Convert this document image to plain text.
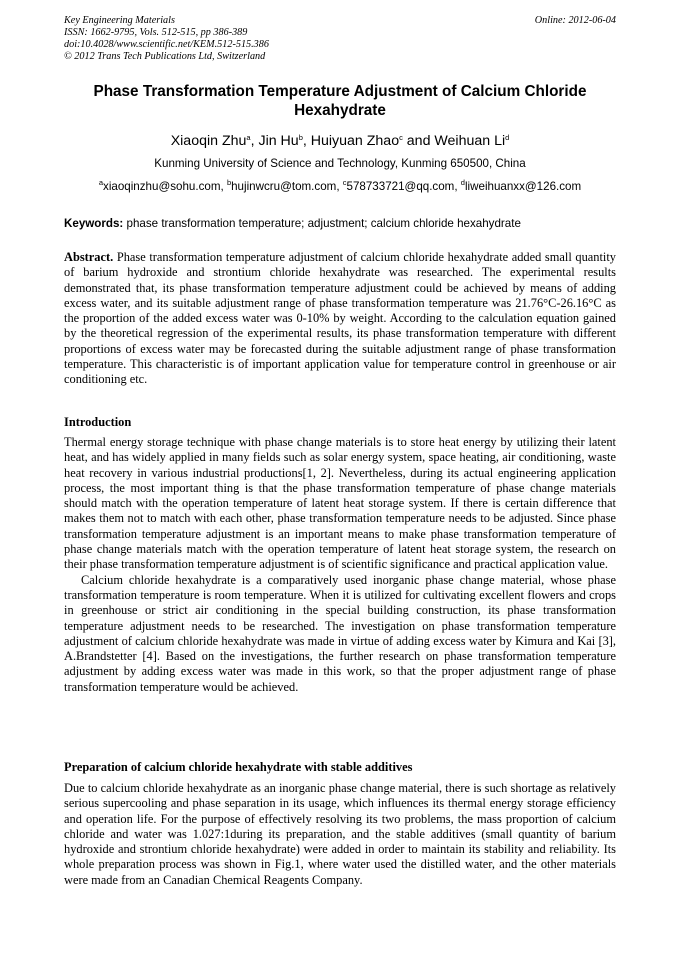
Key Engineering Materials
ISSN: 1662-9795, Vols. 512-515, pp 386-389
doi:10.4028/www.scientific.net/KEM.512-515.386
© 2012 Trans Tech Publications Ltd, Switzerland
Online: 2012-06-04
Phase Transformation Temperature Adjustment of Calcium Chloride Hexahydrate
Xiaoqin Zhu$^a$, Jin Hu$^b$, Huiyuan Zhao$^c$ and Weihuan Li$^d$
Kunming University of Science and Technology, Kunming 650500, China
$^a$xiaoqinzhu@sohu.com, $^b$hujinwcru@tom.com, $^c$578733721@qq.com, $^d$liweihuanxx@126.com
Keywords: phase transformation temperature; adjustment; calcium chloride hexahydrate
Abstract. Phase transformation temperature adjustment of calcium chloride hexahydrate added small quantity of barium hydroxide and strontium chloride hexahydrate was researched. The experimental results demonstrated that, its phase transformation temperature adjustment could be achieved by means of adding excess water, and its suitable adjustment range of phase transformation temperature was 21.76°C-26.16°C as the proportion of the added excess water was 0-10% by weight. According to the calculation equation gained by the theoretical regression of the experimental results, its phase transformation temperature with different proportions of excess water may be forecasted during the suitable adjustment range of phase transformation temperature. This characteristic is of important application value for temperature control in greenhouse or air conditioning etc.
Introduction
Thermal energy storage technique with phase change materials is to store heat energy by utilizing their latent heat, and has widely applied in many fields such as solar energy system, space heating, air conditioning, waste heat recovery in various industrial productions[1, 2]. Nevertheless, during its actual engineering application process, the most important thing is that the phase transformation temperature of phase change materials should match with the operation temperature of latent heat storage system. If there is certain difference that makes them not to match with each other, phase transformation temperature needs to be adjusted. Since phase transformation temperature adjustment is an important means to make phase transformation temperature of phase change materials match with the operation temperature of latent heat storage system, the research on their phase transformation temperature adjustment is of scientific significance and practical application value.
Calcium chloride hexahydrate is a comparatively used inorganic phase change material, whose phase transformation temperature is room temperature. When it is utilized for cultivating excellent flowers and crops in greenhouse or strict air conditioning in the special building construction, its phase transformation temperature adjustment needs to be researched. The investigation on phase transformation temperature adjustment of calcium chloride hexahydrate was made in virtue of adding excess water by Kimura and Kai [3], A.Brandstetter [4]. Based on the investigations, the further research on phase transformation temperature adjustment by adding excess water was made in this work, so that the proper adjustment range of phase transformation temperature would be achieved.
Preparation of calcium chloride hexahydrate with stable additives
Due to calcium chloride hexahydrate as an inorganic phase change material, there is such shortage as relatively serious supercooling and phase separation in its usage, which influences its thermal energy storage efficiency and operation life. For the purpose of effectively resolving its two problems, the mass proportion of calcium chloride and water was 1.027:1during its preparation, and the stable additives (small quantity of barium hydroxide and strontium chloride hexahydrate) were added in order to maintain its stability and reliability. Its whole preparation process was shown in Fig.1, where water used the distilled water, and the other materials were made from an Canadian Chemical Reagents Company.
